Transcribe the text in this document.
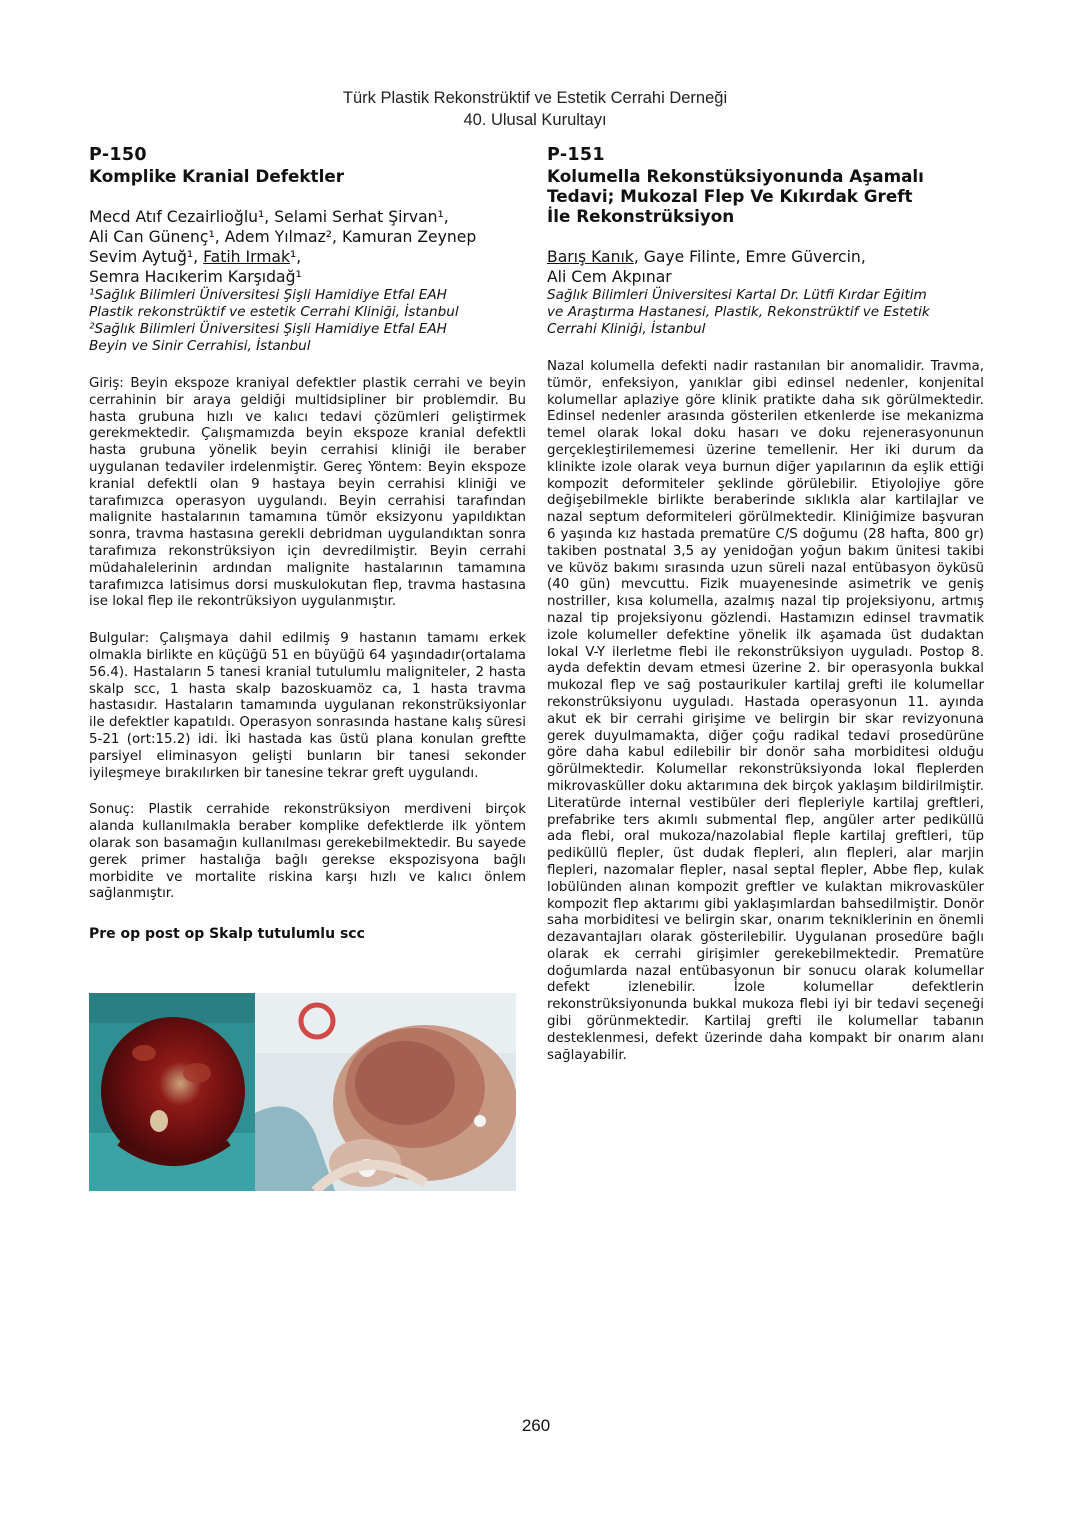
Türk Plastik Rekonstrüktif ve Estetik Cerrahi Derneği
40. Ulusal Kurultayı
P-150
Komplike Kranial Defektler
Mecd Atıf Cezairlioğlu¹, Selami Serhat Şirvan¹,
Ali Can Günenç¹, Adem Yılmaz², Kamuran Zeynep
Sevim Aytuğ¹, Fatih Irmak¹,
Semra Hacıkerim Karşıdağ¹
¹Sağlık Bilimleri Üniversitesi Şişli Hamidiye Etfal EAH
Plastik rekonstrüktif ve estetik Cerrahi Kliniği, İstanbul
²Sağlık Bilimleri Üniversitesi Şişli Hamidiye Etfal EAH
Beyin ve Sinir Cerrahisi, İstanbul
Giriş: Beyin ekspoze kraniyal defektler plastik cerrahi ve beyin cerrahinin bir araya geldiği multidsipliner bir problemdir. Bu hasta grubuna hızlı ve kalıcı tedavi çözümleri geliştirmek gerekmektedir. Çalışmamızda beyin ekspoze kranial defektli hasta grubuna yönelik beyin cerrahisi kliniği ile beraber uygulanan tedaviler irdelenmiştir. Gereç Yöntem: Beyin ekspoze kranial defektli olan 9 hastaya beyin cerrahisi kliniği ve tarafımızca operasyon uygulandı. Beyin cerrahisi tarafından malignite hastalarının tamamına tümör eksizyonu yapıldıktan sonra, travma hastasına gerekli debridman uygulandıktan sonra tarafımıza rekonstrüksiyon için devredilmiştir. Beyin cerrahi müdahalelerinin ardından malignite hastalarının tamamına tarafımızca latisimus dorsi muskulokutan flep, travma hastasına ise lokal flep ile rekontrüksiyon uygulanmıştır.
Bulgular: Çalışmaya dahil edilmiş 9 hastanın tamamı erkek olmakla birlikte en küçüğü 51 en büyüğü 64 yaşındadır(ortalama 56.4). Hastaların 5 tanesi kranial tutulumlu maligniteler, 2 hasta skalp scc, 1 hasta skalp bazoskuamöz ca, 1 hasta travma hastasıdır. Hastaların tamamında uygulanan rekonstrüksiyonlar ile defektler kapatıldı. Operasyon sonrasında hastane kalış süresi 5-21 (ort:15.2) idi. İki hastada kas üstü plana konulan greftte parsiyel eliminasyon gelişti bunların bir tanesi sekonder iyileşmeye bırakılırken bir tanesine tekrar greft uygulandı.
Sonuç: Plastik cerrahide rekonstrüksiyon merdiveni birçok alanda kullanılmakla beraber komplike defektlerde ilk yöntem olarak son basamağın kullanılması gerekebilmektedir. Bu sayede gerek primer hastalığa bağlı gerekse ekspozisyona bağlı morbidite ve mortalite riskina karşı hızlı ve kalıcı önlem sağlanmıştır.
Pre op post op Skalp tutulumlu scc
P-151
Kolumella Rekonstüksiyonunda Aşamalı
Tedavi; Mukozal Flep Ve Kıkırdak Greft
İle Rekonstrüksiyon
Barış Kanık, Gaye Filinte, Emre Güvercin,
Ali Cem Akpınar
Sağlık Bilimleri Üniversitesi Kartal Dr. Lütfi Kırdar Eğitim
ve Araştırma Hastanesi, Plastik, Rekonstrüktif ve Estetik
Cerrahi Kliniği, İstanbul
Nazal kolumella defekti nadir rastanılan bir anomalidir. Travma, tümör, enfeksiyon, yanıklar gibi edinsel nedenler, konjenital kolumellar aplaziye göre klinik pratikte daha sık görülmektedir. Edinsel nedenler arasında gösterilen etkenlerde ise mekanizma temel olarak lokal doku hasarı ve doku rejenerasyonunun gerçekleştirilememesi üzerine temellenir. Her iki durum da klinikte izole olarak veya burnun diğer yapılarının da eşlik ettiği kompozit deformiteler şeklinde görülebilir. Etiyolojiye göre değişebilmekle birlikte beraberinde sıklıkla alar kartilajlar ve nazal septum deformiteleri görülmektedir. Kliniğimize başvuran 6 yaşında kız hastada prematüre C/S doğumu (28 hafta, 800 gr) takiben postnatal 3,5 ay yenidoğan yoğun bakım ünitesi takibi ve küvöz bakımı sırasında uzun süreli nazal entübasyon öyküsü (40 gün) mevcuttu. Fizik muayenesinde asimetrik ve geniş nostriller, kısa kolumella, azalmış nazal tip projeksiyonu, artmış nazal tip projeksiyonu gözlendi. Hastamızın edinsel travmatik izole kolumeller defektine yönelik ilk aşamada üst dudaktan lokal V-Y ilerletme flebi ile rekonstrüksiyon uyguladı. Postop 8. ayda defektin devam etmesi üzerine 2. bir operasyonla bukkal mukozal flep ve sağ postaurikuler kartilaj grefti ile kolumellar rekonstrüksiyonu uyguladı. Hastada operasyonun 11. ayında akut ek bir cerrahi girişime ve belirgin bir skar revizyonuna gerek duyulmamakta, diğer çoğu radikal tedavi prosedürüne göre daha kabul edilebilir bir donör saha morbiditesi olduğu görülmektedir. Kolumellar rekonstrüksiyonda lokal fleplerden mikrovasküller doku aktarımına dek birçok yaklaşım bildirilmiştir. Literatürde internal vestibüler deri flepleriyle kartilaj greftleri, prefabrike ters akımlı submental flep, angüler arter pediküllü ada flebi, oral mukoza/nazolabial fleple kartilaj greftleri, tüp pediküllü flepler, üst dudak flepleri, alın flepleri, alar marjin flepleri, nazomalar flepler, nasal septal flepler, Abbe flep, kulak lobülünden alınan kompozit greftler ve kulaktan mikrovasküler kompozit flep aktarımı gibi yaklaşımlardan bahsedilmiştir. Donör saha morbiditesi ve belirgin skar, onarım tekniklerinin en önemli dezavantajları olarak gösterilebilir. Uygulanan prosedüre bağlı olarak ek cerrahi girişimler gerekebilmektedir. Prematüre doğumlarda nazal entübasyonun bir sonucu olarak kolumellar defekt izlenebilir. İzole kolumellar defektlerin rekonstrüksiyonunda bukkal mukoza flebi iyi bir tedavi seçeneği gibi görünmektedir. Kartilaj grefti ile kolumellar tabanın desteklenmesi, defekt üzerinde daha kompakt bir onarım alanı sağlayabilir.
260
